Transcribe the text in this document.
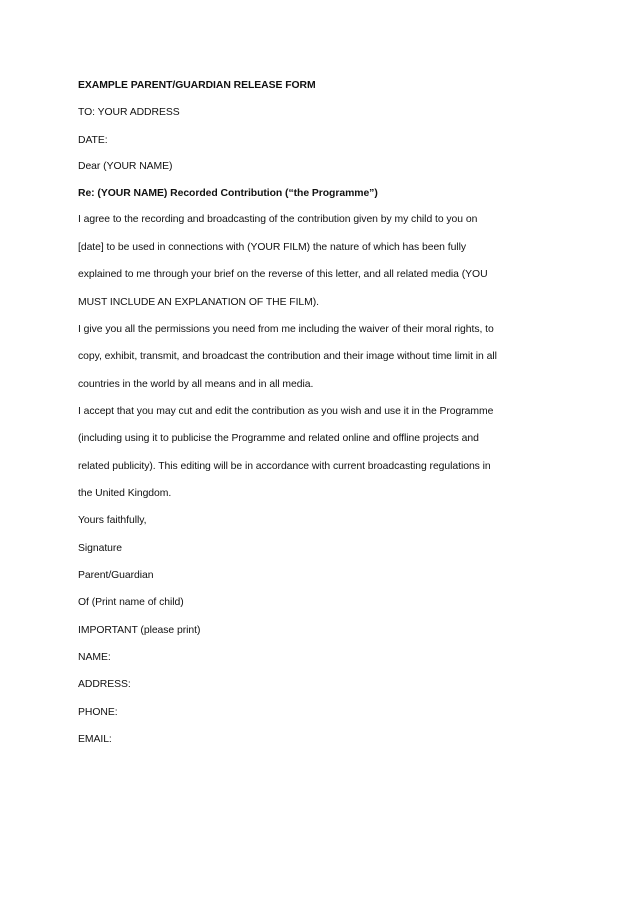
EXAMPLE PARENT/GUARDIAN RELEASE FORM
TO: YOUR ADDRESS
DATE:
Dear (YOUR NAME)
Re: (YOUR NAME) Recorded Contribution (“the Programme”)
I agree to the recording and broadcasting of the contribution given by my child to you on
[date] to be used in connections with (YOUR FILM) the nature of which has been fully
explained to me through your brief on the reverse of this letter, and all related media (YOU
MUST INCLUDE AN EXPLANATION OF THE FILM).
I give you all the permissions you need from me including the waiver of their moral rights, to
copy, exhibit, transmit, and broadcast the contribution and their image without time limit in all
countries in the world by all means and in all media.
I accept that you may cut and edit the contribution as you wish and use it in the Programme
(including using it to publicise the Programme and related online and offline projects and
related publicity). This editing will be in accordance with current broadcasting regulations in
the United Kingdom.
Yours faithfully,
Signature
Parent/Guardian
Of (Print name of child)
IMPORTANT (please print)
NAME:
ADDRESS:
PHONE:
EMAIL:
